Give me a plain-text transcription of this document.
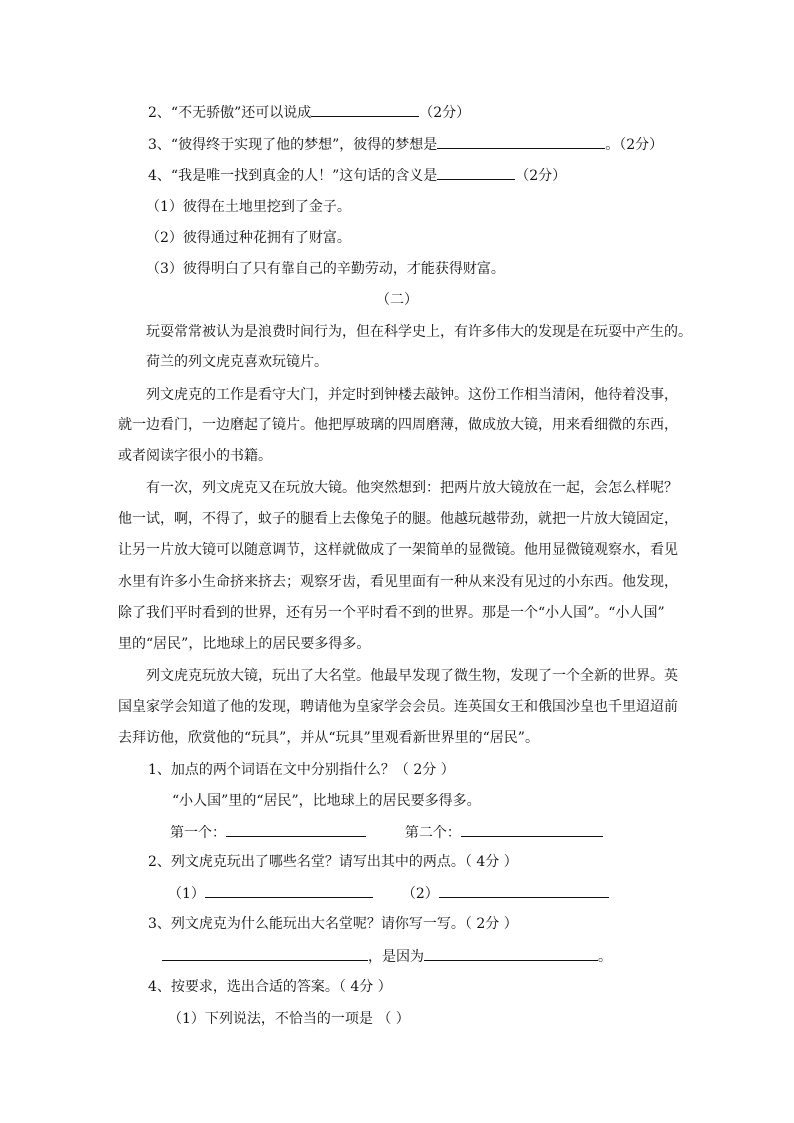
2、“不无骄傲”还可以说成	（2分）
3、“彼得终于实现了他的梦想”，彼得的梦想是	。（2分）
4、“我是唯一找到真金的人！”这句话的含义是	（2分）
（1）彼得在土地里挖到了金子。
（2）彼得通过种花拥有了财富。
（3）彼得明白了只有靠自己的辛勤劳动，才能获得财富。
（二）
玩耍常常被认为是浪费时间行为，但在科学史上，有许多伟大的发现是在玩耍中产生的。
荷兰的列文虎克喜欢玩镜片。
列文虎克的工作是看守大门，并定时到钟楼去敲钟。这份工作相当清闲，他待着没事，
就一边看门，一边磨起了镜片。他把厚玻璃的四周磨薄，做成放大镜，用来看细微的东西，
或者阅读字很小的书籍。
有一次，列文虎克又在玩放大镜。他突然想到：把两片放大镜放在一起，会怎么样呢？
他一试，啊，不得了，蚊子的腿看上去像兔子的腿。他越玩越带劲，就把一片放大镜固定，
让另一片放大镜可以随意调节，这样就做成了一架简单的显微镜。他用显微镜观察水，看见
水里有许多小生命挤来挤去；观察牙齿，看见里面有一种从来没有见过的小东西。他发现，
除了我们平时看到的世界，还有另一个平时看不到的世界。那是一个“小人国”。“小人国”
里的“居民”，比地球上的居民要多得多。
列文虎克玩放大镜，玩出了大名堂。他最早发现了微生物，发现了一个全新的世界。英
国皇家学会知道了他的发现，聘请他为皇家学会会员。连英国女王和俄国沙皇也千里迢迢前
去拜访他，欣赏他的“玩具”，并从“玩具”里观看新世界里的“居民”。
1、加点的两个词语在文中分别指什么？（ 2分 ）
“小人国”里的“居民”，比地球上的居民要多得多。
第一个：	第二个：
2、列文虎克玩出了哪些名堂？请写出其中的两点。（ 4分 ）
（1）	（2）
3、列文虎克为什么能玩出大名堂呢？请你写一写。（ 2分 ）
，是因为	。
4、按要求，选出合适的答案。（ 4分 ）
（1）下列说法，不恰当的一项是 （ ）
